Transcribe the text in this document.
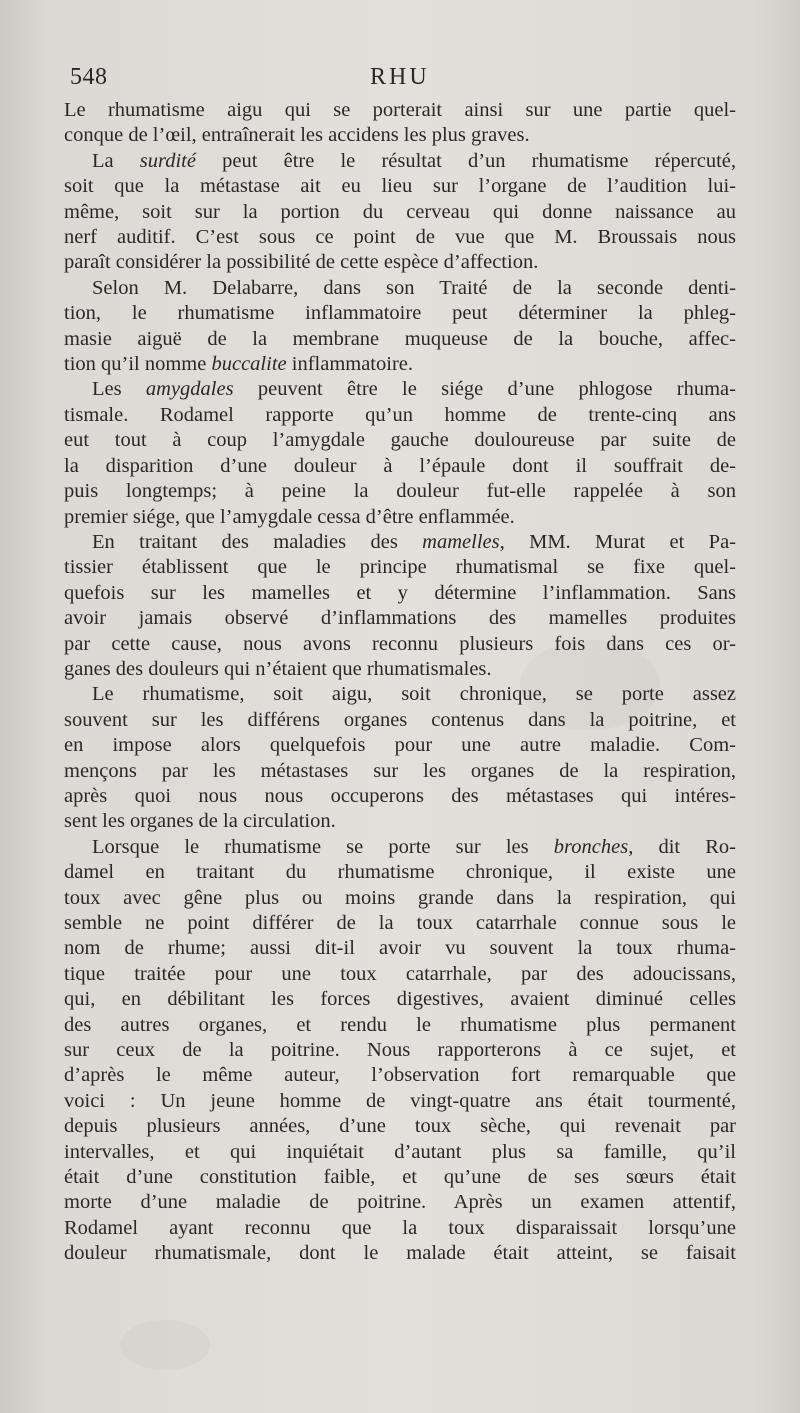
548	RHU
Le rhumatisme aigu qui se porterait ainsi sur une partie quel-
conque de l’œil, entraînerait les accidens les plus graves.
La surdité peut être le résultat d’un rhumatisme répercuté,
soit que la métastase ait eu lieu sur l’organe de l’audition lui-
même, soit sur la portion du cerveau qui donne naissance au
nerf auditif. C’est sous ce point de vue que M. Broussais nous
paraît considérer la possibilité de cette espèce d’affection.
Selon M. Delabarre, dans son Traité de la seconde denti-
tion, le rhumatisme inflammatoire peut déterminer la phleg-
masie aiguë de la membrane muqueuse de la bouche, affec-
tion qu’il nomme buccalite inflammatoire.
Les amygdales peuvent être le siége d’une phlogose rhuma-
tismale. Rodamel rapporte qu’un homme de trente-cinq ans
eut tout à coup l’amygdale gauche douloureuse par suite de
la disparition d’une douleur à l’épaule dont il souffrait de-
puis longtemps; à peine la douleur fut-elle rappelée à son
premier siége, que l’amygdale cessa d’être enflammée.
En traitant des maladies des mamelles, MM. Murat et Pa-
tissier établissent que le principe rhumatismal se fixe quel-
quefois sur les mamelles et y détermine l’inflammation. Sans
avoir jamais observé d’inflammations des mamelles produites
par cette cause, nous avons reconnu plusieurs fois dans ces or-
ganes des douleurs qui n’étaient que rhumatismales.
Le rhumatisme, soit aigu, soit chronique, se porte assez
souvent sur les différens organes contenus dans la poitrine, et
en impose alors quelquefois pour une autre maladie. Com-
mençons par les métastases sur les organes de la respiration,
après quoi nous nous occuperons des métastases qui intéres-
sent les organes de la circulation.
Lorsque le rhumatisme se porte sur les bronches, dit Ro-
damel en traitant du rhumatisme chronique, il existe une
toux avec gêne plus ou moins grande dans la respiration, qui
semble ne point différer de la toux catarrhale connue sous le
nom de rhume; aussi dit-il avoir vu souvent la toux rhuma-
tique traitée pour une toux catarrhale, par des adoucissans,
qui, en débilitant les forces digestives, avaient diminué celles
des autres organes, et rendu le rhumatisme plus permanent
sur ceux de la poitrine. Nous rapporterons à ce sujet, et
d’après le même auteur, l’observation fort remarquable que
voici : Un jeune homme de vingt-quatre ans était tourmenté,
depuis plusieurs années, d’une toux sèche, qui revenait par
intervalles, et qui inquiétait d’autant plus sa famille, qu’il
était d’une constitution faible, et qu’une de ses sœurs était
morte d’une maladie de poitrine. Après un examen attentif,
Rodamel ayant reconnu que la toux disparaissait lorsqu’une
douleur rhumatismale, dont le malade était atteint, se faisait
